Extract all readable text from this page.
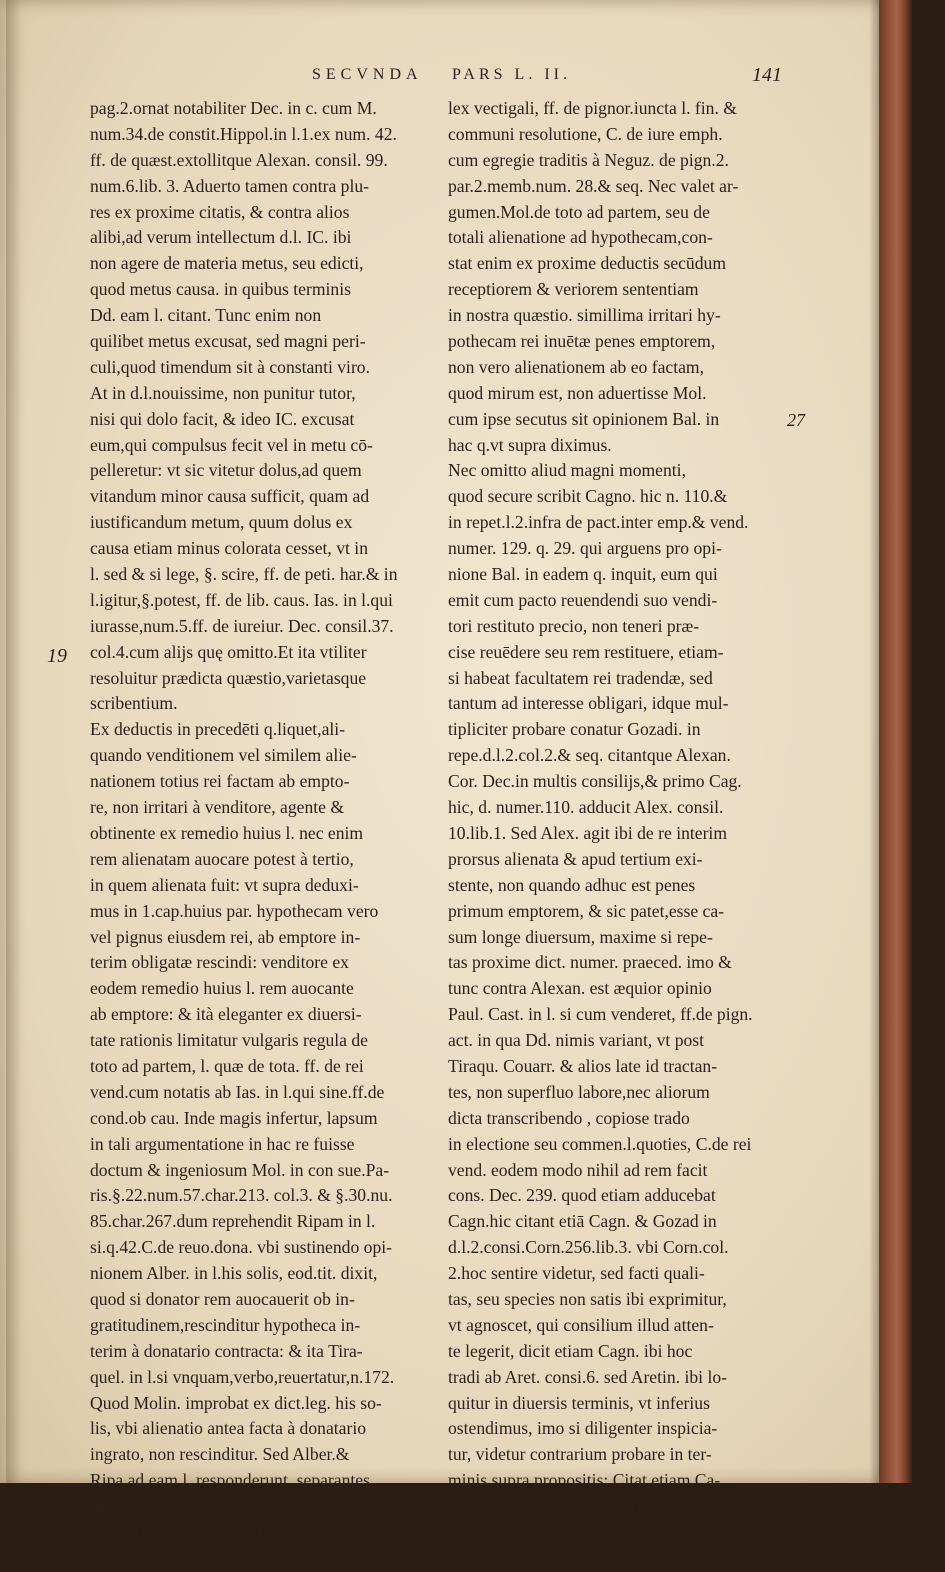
SECVNDA PARS L. II.	141
pag.2.ornat notabiliter Dec. in c. cum M.
num.34.de constit.Hippol.in l.1.ex num. 42.
ff. de quæst.extollitque Alexan. consil. 99.
num.6.lib. 3. Aduerto tamen contra plu-
res ex proxime citatis, & contra alios
alibi,ad verum intellectum d.l. IC. ibi
non agere de materia metus, seu edicti,
quod metus causa. in quibus terminis
Dd. eam l. citant. Tunc enim non
quilibet metus excusat, sed magni peri-
culi,quod timendum sit à constanti viro.
At in d.l.nouissime, non punitur tutor,
nisi qui dolo facit, & ideo IC. excusat
eum,qui compulsus fecit vel in metu cō-
pelleretur: vt sic vitetur dolus,ad quem
vitandum minor causa sufficit, quam ad
iustificandum metum, quum dolus ex
causa etiam minus colorata cesset, vt in
l. sed & si lege, §. scire, ff. de peti. har.& in
l.igitur,§.potest, ff. de lib. caus. Ias. in l.qui
iurasse,num.5.ff. de iureiur. Dec. consil.37.
col.4.cum alijs quę omitto.Et ita vtiliter
resoluitur prædicta quæstio,varietasque
scribentium.
Ex deductis in precedēti q.liquet,ali-
quando venditionem vel similem alie-
nationem totius rei factam ab empto-
re, non irritari à venditore, agente &
obtinente ex remedio huius l. nec enim
rem alienatam auocare potest à tertio,
in quem alienata fuit: vt supra deduxi-
mus in 1.cap.huius par. hypothecam vero
vel pignus eiusdem rei, ab emptore in-
terim obligatæ rescindi: venditore ex
eodem remedio huius l. rem auocante
ab emptore: & ità eleganter ex diuersi-
tate rationis limitatur vulgaris regula de
toto ad partem, l. quæ de tota. ff. de rei
vend.cum notatis ab Ias. in l.qui sine.ff.de
cond.ob cau. Inde magis infertur, lapsum
in tali argumentatione in hac re fuisse
doctum & ingeniosum Mol. in con sue.Pa-
ris.§.22.num.57.char.213. col.3. & §.30.nu.
85.char.267.dum reprehendit Ripam in l.
si.q.42.C.de reuo.dona. vbi sustinendo opi-
nionem Alber. in l.his solis, eod.tit. dixit,
quod si donator rem auocauerit ob in-
gratitudinem,rescinditur hypotheca in-
terim à donatario contracta: & ita Tira-
quel. in l.si vnquam,verbo,reuertatur,n.172.
Quod Molin. improbat ex dict.leg. his so-
lis, vbi alienatio antea facta à donatario
ingrato, non rescinditur. Sed Alber.&
Ripa ad eam l. responderunt, separantes
in hoc hypothecam à tali alienatione:
nec male,si aduertas ad l. in quorum, & l.
lex vectigali, ff. de pignor.iuncta l. fin. &
communi resolutione, C. de iure emph.
cum egregie traditis à Neguz. de pign.2.
par.2.memb.num. 28.& seq. Nec valet ar-
gumen.Mol.de toto ad partem, seu de
totali alienatione ad hypothecam,con-
stat enim ex proxime deductis secūdum
receptiorem & veriorem sententiam
in nostra quæstio. simillima irritari hy-
pothecam rei inuētæ penes emptorem,
non vero alienationem ab eo factam,
quod mirum est, non aduertisse Mol.
cum ipse secutus sit opinionem Bal. in
hac q.vt supra diximus.
Nec omitto aliud magni momenti,
quod secure scribit Cagno. hic n. 110.&
in repet.l.2.infra de pact.inter emp.& vend.
numer. 129. q. 29. qui arguens pro opi-
nione Bal. in eadem q. inquit, eum qui
emit cum pacto reuendendi suo vendi-
tori restituto precio, non teneri præ-
cise reuēdere seu rem restituere, etiam-
si habeat facultatem rei tradendæ, sed
tantum ad interesse obligari, idque mul-
tipliciter probare conatur Gozadi. in
repe.d.l.2.col.2.& seq. citantque Alexan.
Cor. Dec.in multis consilijs,& primo Cag.
hic, d. numer.110. adducit Alex. consil.
10.lib.1. Sed Alex. agit ibi de re interim
prorsus alienata & apud tertium exi-
stente, non quando adhuc est penes
primum emptorem, & sic patet,esse ca-
sum longe diuersum, maxime si repe-
tas proxime dict. numer. praeced. imo &
tunc contra Alexan. est æquior opinio
Paul. Cast. in l. si cum venderet, ff.de pign.
act. in qua Dd. nimis variant, vt post
Tiraqu. Couarr. & alios late id tractan-
tes, non superfluo labore,nec aliorum
dicta transcribendo , copiose trado
in electione seu commen.l.quoties, C.de rei
vend. eodem modo nihil ad rem facit
cons. Dec. 239. quod etiam adducebat
Cagn.hic citant etiā Cagn. & Gozad in
d.l.2.consi.Corn.256.lib.3. vbi Corn.col.
2.hoc sentire videtur, sed facti quali-
tas, seu species non satis ibi exprimitur,
vt agnoscet, qui consilium illud atten-
te legerit, dicit etiam Cagn. ibi hoc
tradi ab Aret. consi.6. sed Aretin. ibi lo-
quitur in diuersis terminis, vt inferius
ostendimus, imo si diligenter inspicia-
tur, videtur contrarium probare in ter-
minis supra propositis: Citat etiam Ca-
gno.Alex.consi.232.ad fi.lib.6.Sed Alexan-
der loquitur aperte, quando res alienata
est,
19
27
